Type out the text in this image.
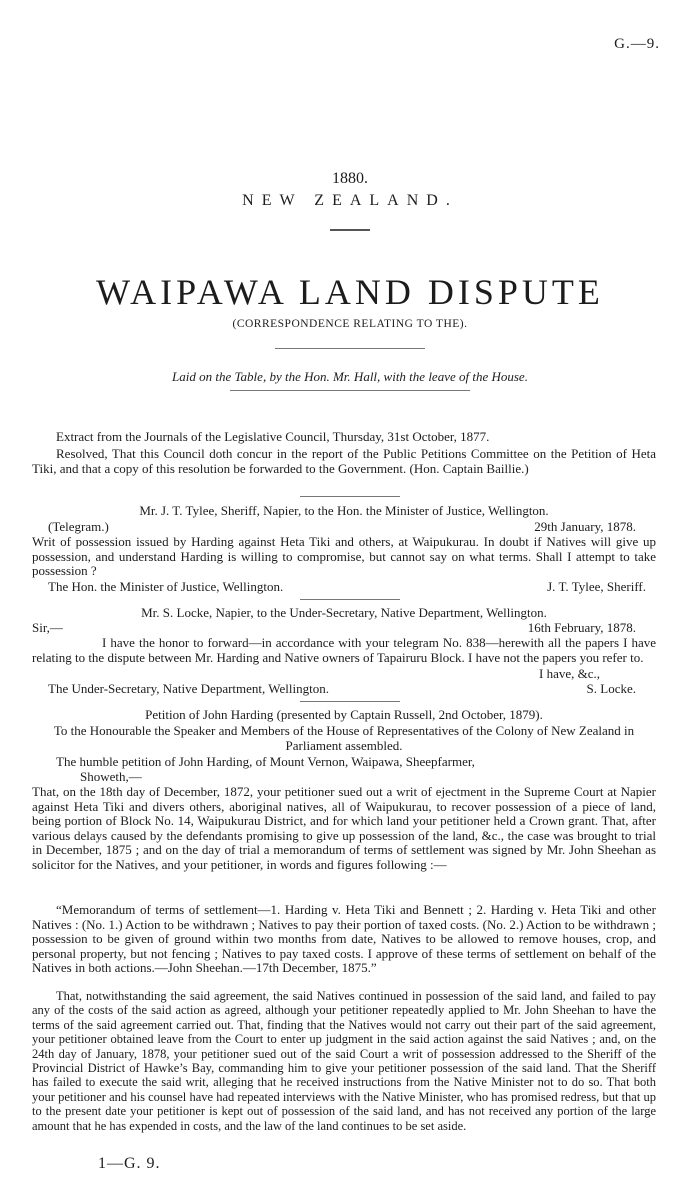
G.—9.
1880.
NEW ZEALAND.
WAIPAWA LAND DISPUTE
(CORRESPONDENCE RELATING TO THE).
Laid on the Table, by the Hon. Mr. Hall, with the leave of the House.

Extract from the Journals of the Legislative Council, Thursday, 31st October, 1877.

Resolved, That this Council doth concur in the report of the Public Petitions Committee on the Petition of Heta Tiki, and that a copy of this resolution be forwarded to the Government. (Hon. Captain Baillie.)

Mr. J. T. Tylee, Sheriff, Napier, to the Hon. the Minister of Justice, Wellington.

(Telegram.)	29th January, 1878.

Writ of possession issued by Harding against Heta Tiki and others, at Waipukurau. In doubt if Natives will give up possession, and understand Harding is willing to compromise, but cannot say on what terms. Shall I attempt to take possession ?

The Hon. the Minister of Justice, Wellington.	J. T. Tylee, Sheriff.

Mr. S. Locke, Napier, to the Under-Secretary, Native Department, Wellington.

Sir,—	16th February, 1878.

I have the honor to forward—in accordance with your telegram No. 838—herewith all the papers I have relating to the dispute between Mr. Harding and Native owners of Tapairuru Block. I have not the papers you refer to.

I have, &c.,
The Under-Secretary, Native Department, Wellington.	S. Locke.

Petition of John Harding (presented by Captain Russell, 2nd October, 1879).

To the Honourable the Speaker and Members of the House of Representatives of the Colony of New Zealand in Parliament assembled.

The humble petition of John Harding, of Mount Vernon, Waipawa, Sheepfarmer,

Showeth,—

That, on the 18th day of December, 1872, your petitioner sued out a writ of ejectment in the Supreme Court at Napier against Heta Tiki and divers others, aboriginal natives, all of Waipukurau, to recover possession of a piece of land, being portion of Block No. 14, Waipukurau District, and for which land your petitioner held a Crown grant. That, after various delays caused by the defendants promising to give up possession of the land, &c., the case was brought to trial in December, 1875 ; and on the day of trial a memorandum of terms of settlement was signed by Mr. John Sheehan as solicitor for the Natives, and your petitioner, in words and figures following :—

“Memorandum of terms of settlement—1. Harding v. Heta Tiki and Bennett ; 2. Harding v. Heta Tiki and other Natives : (No. 1.) Action to be withdrawn ; Natives to pay their portion of taxed costs. (No. 2.) Action to be withdrawn ; possession to be given of ground within two months from date, Natives to be allowed to remove houses, crop, and personal property, but not fencing ; Natives to pay taxed costs. I approve of these terms of settlement on behalf of the Natives in both actions.—John Sheehan.—17th December, 1875.”

That, notwithstanding the said agreement, the said Natives continued in possession of the said land, and failed to pay any of the costs of the said action as agreed, although your petitioner repeatedly applied to Mr. John Sheehan to have the terms of the said agreement carried out. That, finding that the Natives would not carry out their part of the said agreement, your petitioner obtained leave from the Court to enter up judgment in the said action against the said Natives ; and, on the 24th day of January, 1878, your petitioner sued out of the said Court a writ of possession addressed to the Sheriff of the Provincial District of Hawke’s Bay, commanding him to give your petitioner possession of the said land. That the Sheriff has failed to execute the said writ, alleging that he received instructions from the Native Minister not to do so. That both your petitioner and his counsel have had repeated interviews with the Native Minister, who has promised redress, but that up to the present date your petitioner is kept out of possession of the said land, and has not received any portion of the large amount that he has expended in costs, and the law of the land continues to be set aside.

1—G. 9.
